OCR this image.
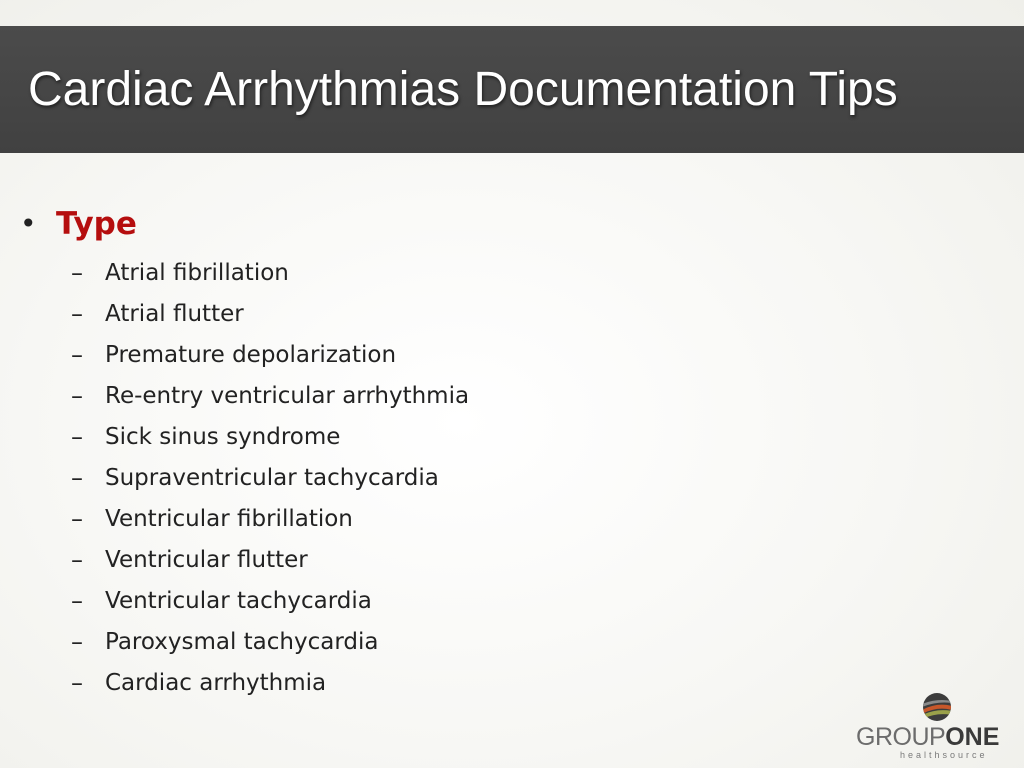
Cardiac Arrhythmias Documentation Tips
• Type
– Atrial fibrillation
– Atrial flutter
– Premature depolarization
– Re-entry ventricular arrhythmia
– Sick sinus syndrome
– Supraventricular tachycardia
– Ventricular fibrillation
– Ventricular flutter
– Ventricular tachycardia
– Paroxysmal tachycardia
– Cardiac arrhythmia
GROUPONE
healthsource
